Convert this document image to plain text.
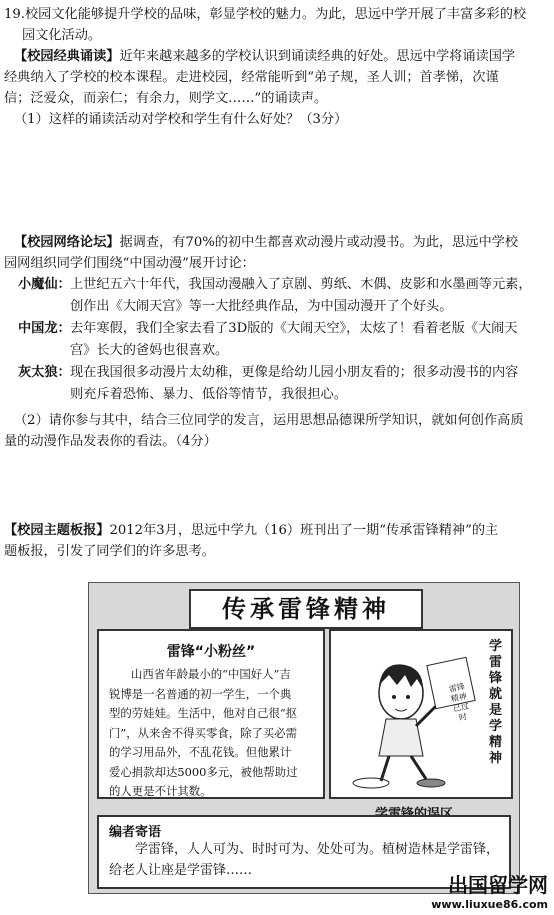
19.校园文化能够提升学校的品味，彰显学校的魅力。为此，思远中学开展了丰富多彩的校
园文化活动。
【校园经典诵读】近年来越来越多的学校认识到诵读经典的好处。思远中学将诵读国学
经典纳入了学校的校本课程。走进校园，经常能听到“弟子规，圣人训；首孝悌，次谨
信；泛爱众，而亲仁；有余力，则学文……”的诵读声。
（1）这样的诵读活动对学校和学生有什么好处？（3分）
【校园网络论坛】据调查，有70%的初中生都喜欢动漫片或动漫书。为此，思远中学校
园网组织同学们围绕“中国动漫”展开讨论：
小魔仙： 上世纪五六十年代，我国动漫融入了京剧、剪纸、木偶、皮影和水墨画等元素，
创作出《大闹天宫》等一大批经典作品，为中国动漫开了个好头。
中国龙： 去年寒假，我们全家去看了3D版的《大闹天空》，太炫了！看着老版《大闹天
宫》长大的爸妈也很喜欢。
灰太狼： 现在我国很多动漫片太幼稚，更像是给幼儿园小朋友看的；很多动漫书的内容
则充斥着恐怖、暴力、低俗等情节，我很担心。
（2）请你参与其中，结合三位同学的发言，运用思想品德课所学知识，就如何创作高质
量的动漫作品发表你的看法。（4分）
【校园主题板报】2012年3月，思远中学九（16）班刊出了一期“传承雷锋精神”的主
题板报，引发了同学们的许多思考。
传承雷锋精神
雷锋“小粉丝”
山西省年龄最小的“中国好人”吉
锐博是一名普通的初一学生，一个典
型的劳娃娃。生活中，他对自己很“抠
门”，从来舍不得买零食，除了买必需
的学习用品外，不乱花钱。但他累计
爱心捐款却达5000多元，被他帮助过
的人更是不计其数。
雷锋精神已过时
学雷锋就是学精神
编者寄语
学雷锋，人人可为、时时可为、处处可为。植树造林是学雷锋，
给老人让座是学雷锋……
出国留学网
www.liuxue86.com
